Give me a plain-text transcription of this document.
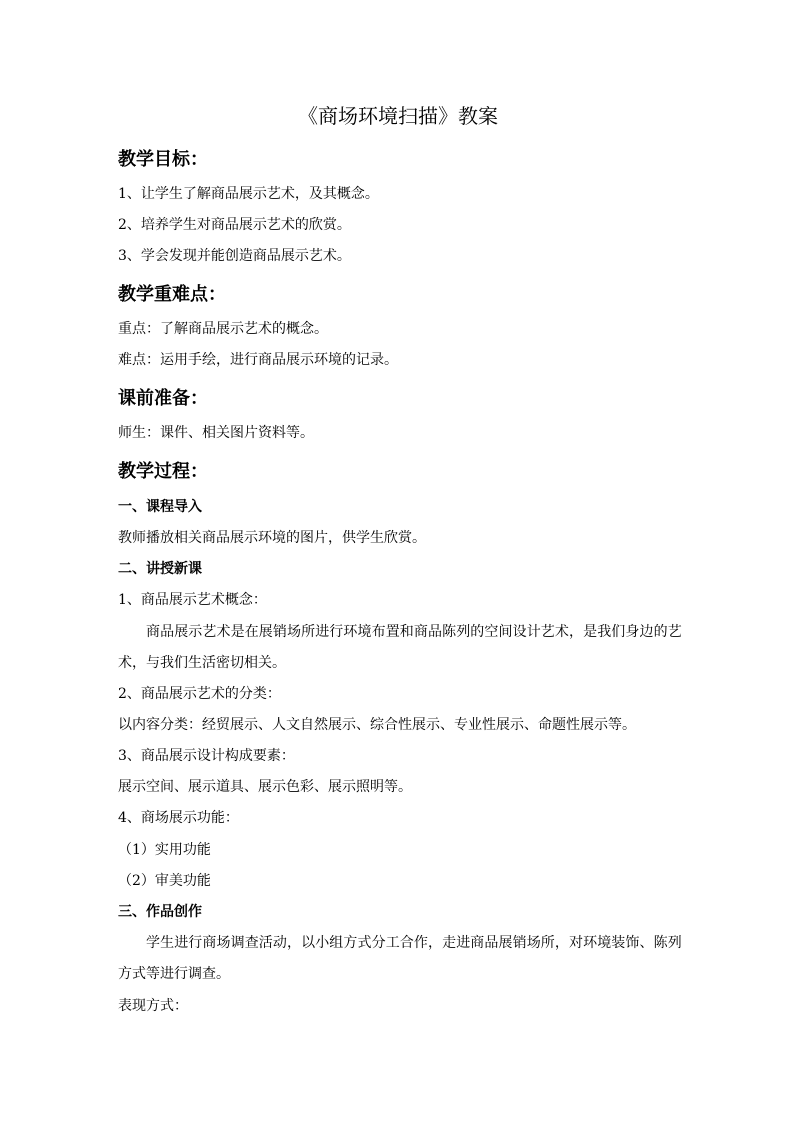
《商场环境扫描》教案
教学目标：
1、让学生了解商品展示艺术，及其概念。
2、培养学生对商品展示艺术的欣赏。
3、学会发现并能创造商品展示艺术。
教学重难点：
重点：了解商品展示艺术的概念。
难点：运用手绘，进行商品展示环境的记录。
课前准备：
师生：课件、相关图片资料等。
教学过程：
一、课程导入
教师播放相关商品展示环境的图片，供学生欣赏。
二、讲授新课
1、商品展示艺术概念：
商品展示艺术是在展销场所进行环境布置和商品陈列的空间设计艺术，是我们身边的艺
术，与我们生活密切相关。
2、商品展示艺术的分类：
以内容分类：经贸展示、人文自然展示、综合性展示、专业性展示、命题性展示等。
3、商品展示设计构成要素：
展示空间、展示道具、展示色彩、展示照明等。
4、商场展示功能：
（1）实用功能
（2）审美功能
三、作品创作
学生进行商场调查活动，以小组方式分工合作，走进商品展销场所，对环境装饰、陈列
方式等进行调查。
表现方式：
